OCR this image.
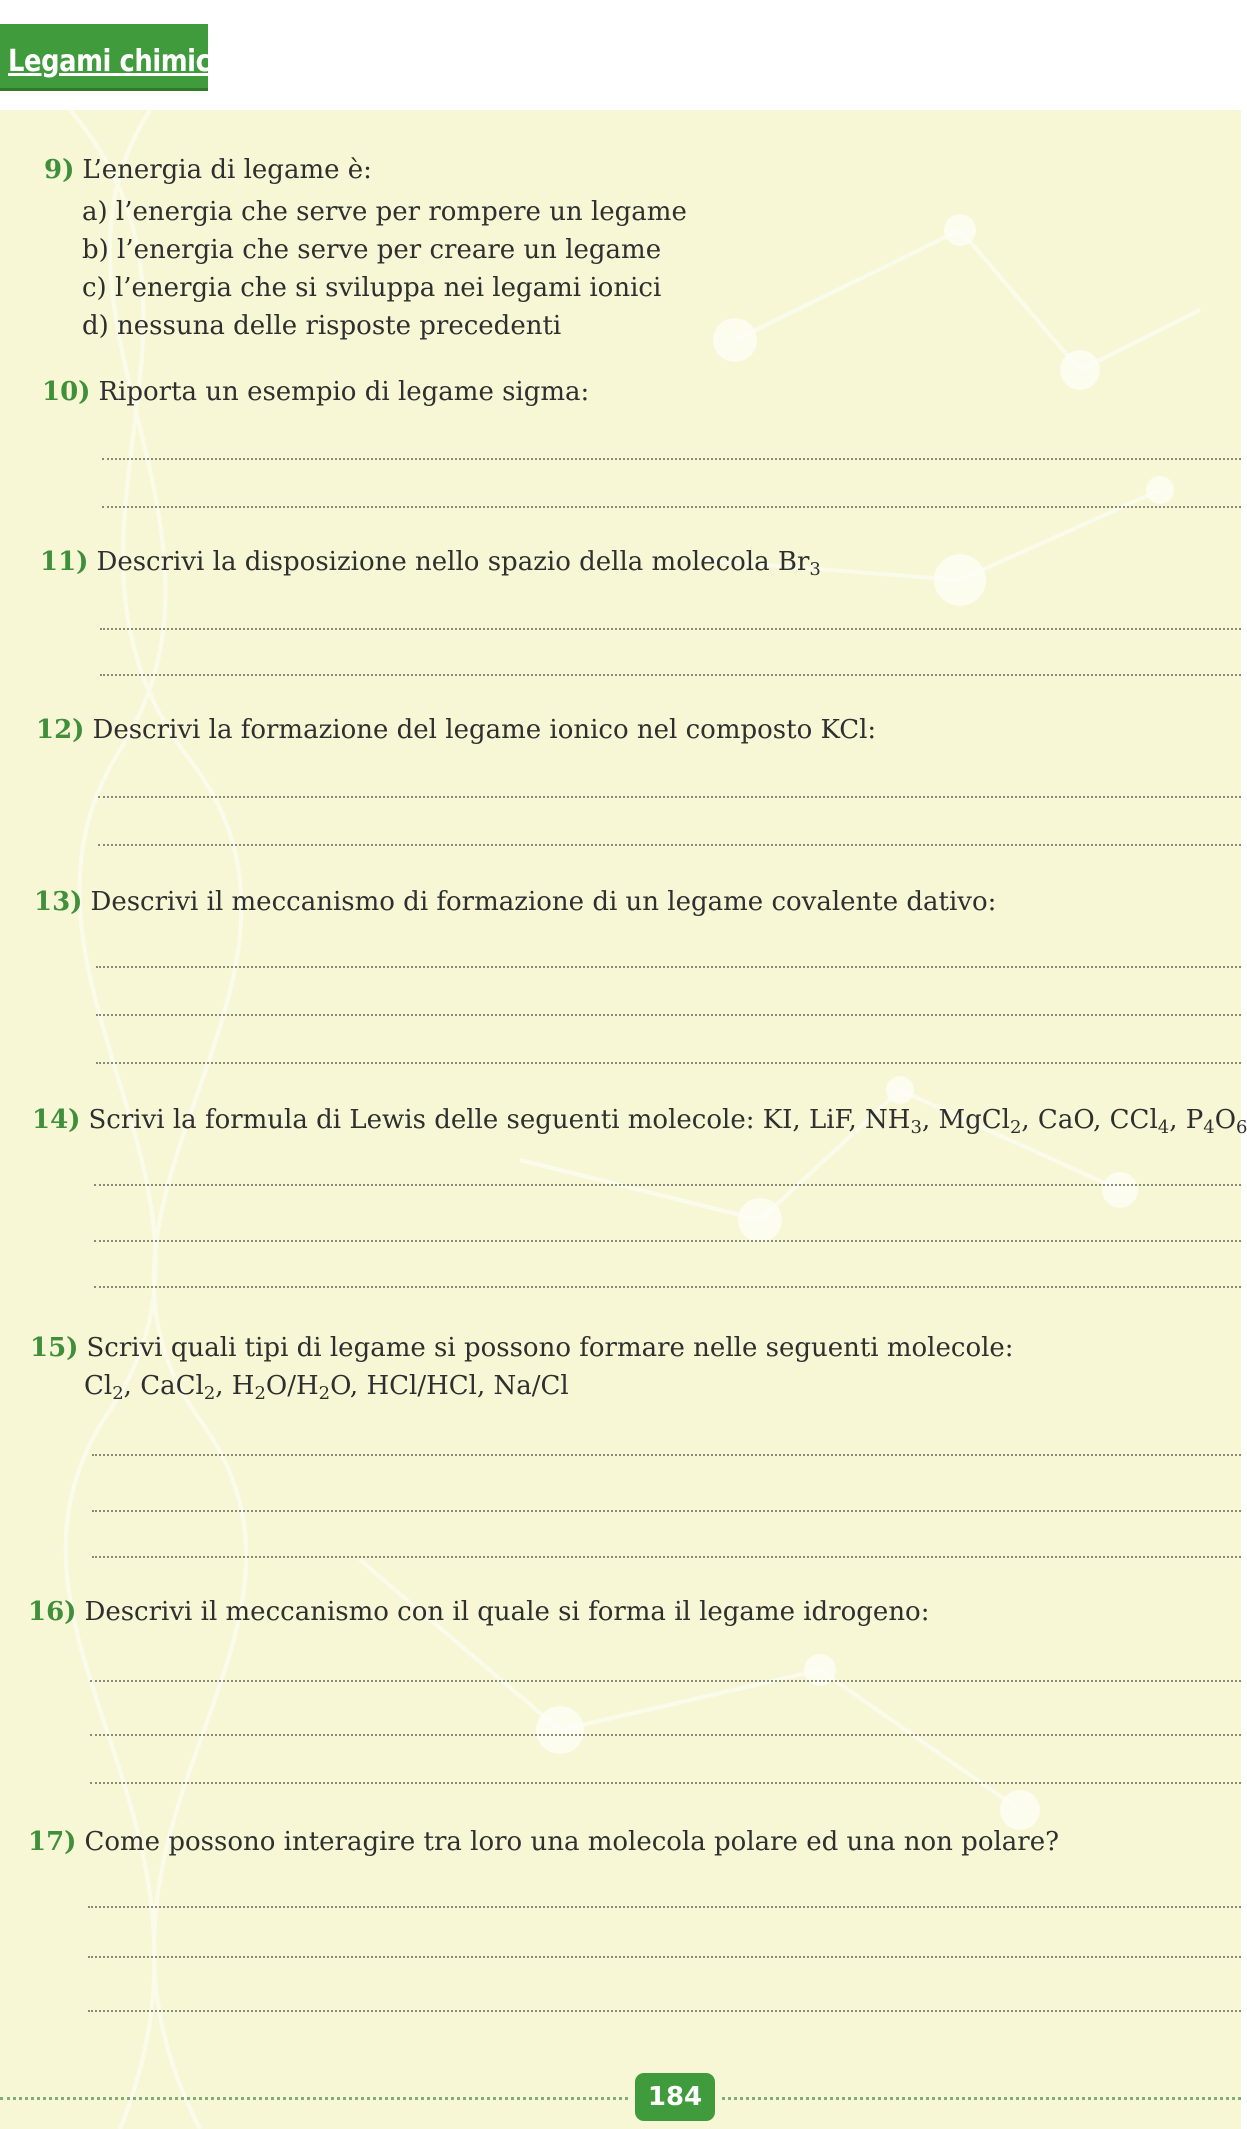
Legami chimici
9) L’energia di legame è:
a) l’energia che serve per rompere un legame
b) l’energia che serve per creare un legame
c) l’energia che si sviluppa nei legami ionici
d) nessuna delle risposte precedenti
10) Riporta un esempio di legame sigma:
11) Descrivi la disposizione nello spazio della molecola $Br_3$
12) Descrivi la formazione del legame ionico nel composto KCl:
13) Descrivi il meccanismo di formazione di un legame covalente dativo:
14) Scrivi la formula di Lewis delle seguenti molecole: KI, LiF, $NH_3$, MgCl$_2$, CaO, CCl$_4$, $P_4O_6$
15) Scrivi quali tipi di legame si possono formare nelle seguenti molecole:
$Cl_2$, CaCl$_2$, $H_2O/H_2O$, HCl/HCl, Na/Cl
16) Descrivi il meccanismo con il quale si forma il legame idrogeno:
17) Come possono interagire tra loro una molecola polare ed una non polare?
184
